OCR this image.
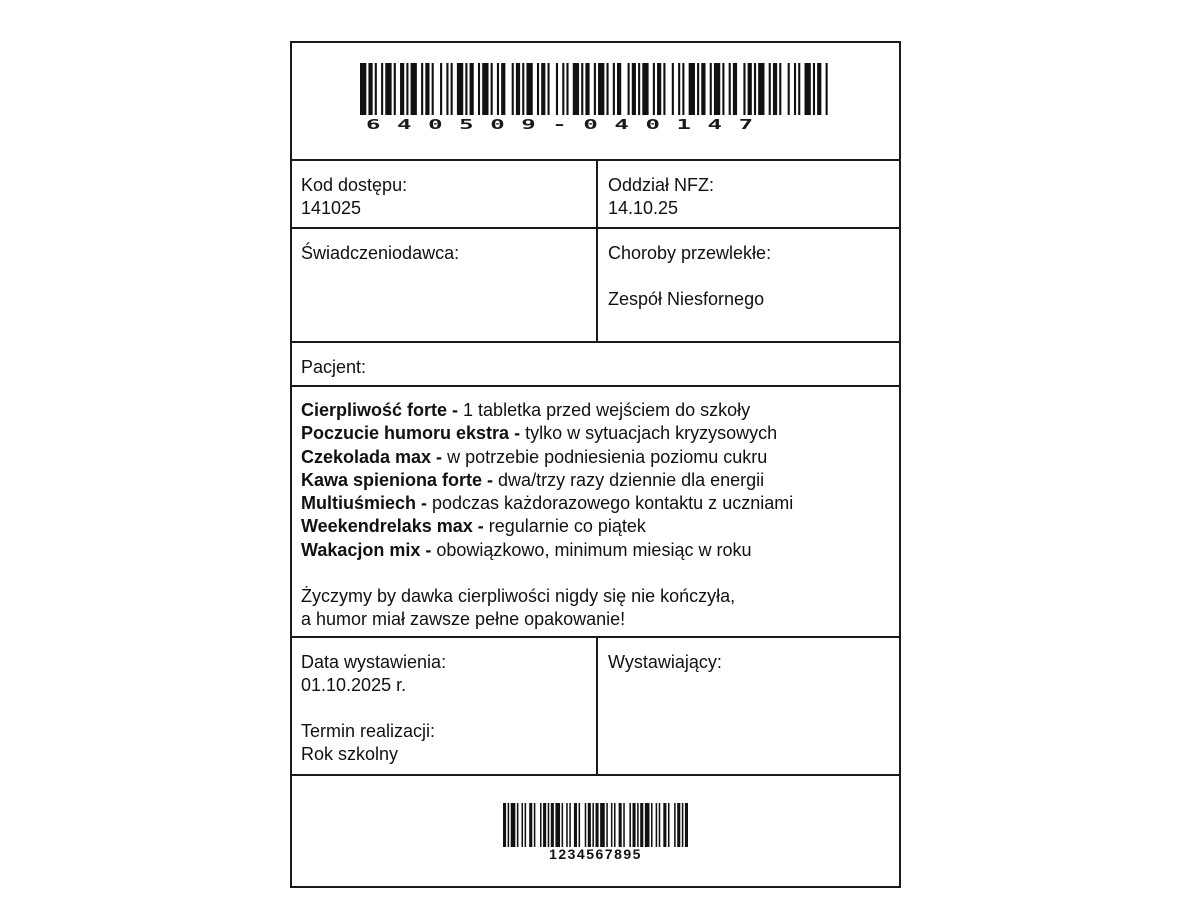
640509-040147
Kod dostępu:
141025
Oddział NFZ:
14.10.25
Świadczeniodawca:	Choroby przewlekłe:
Zespół Niesfornego
Pacjent:
Cierpliwość forte - 1 tabletka przed wejściem do szkoły
Poczucie humoru ekstra - tylko w sytuacjach kryzysowych
Czekolada max - w potrzebie podniesienia poziomu cukru
Kawa spieniona forte - dwa/trzy razy dziennie dla energii
Multiuśmiech - podczas każdorazowego kontaktu z uczniami
Weekendrelaks max - regularnie co piątek
Wakacjon mix - obowiązkowo, minimum miesiąc w roku
Życzymy by dawka cierpliwości nigdy się nie kończyła,
a humor miał zawsze pełne opakowanie!
Data wystawienia:
01.10.2025 r.
Termin realizacji:
Rok szkolny
Wystawiający:
1234567895
